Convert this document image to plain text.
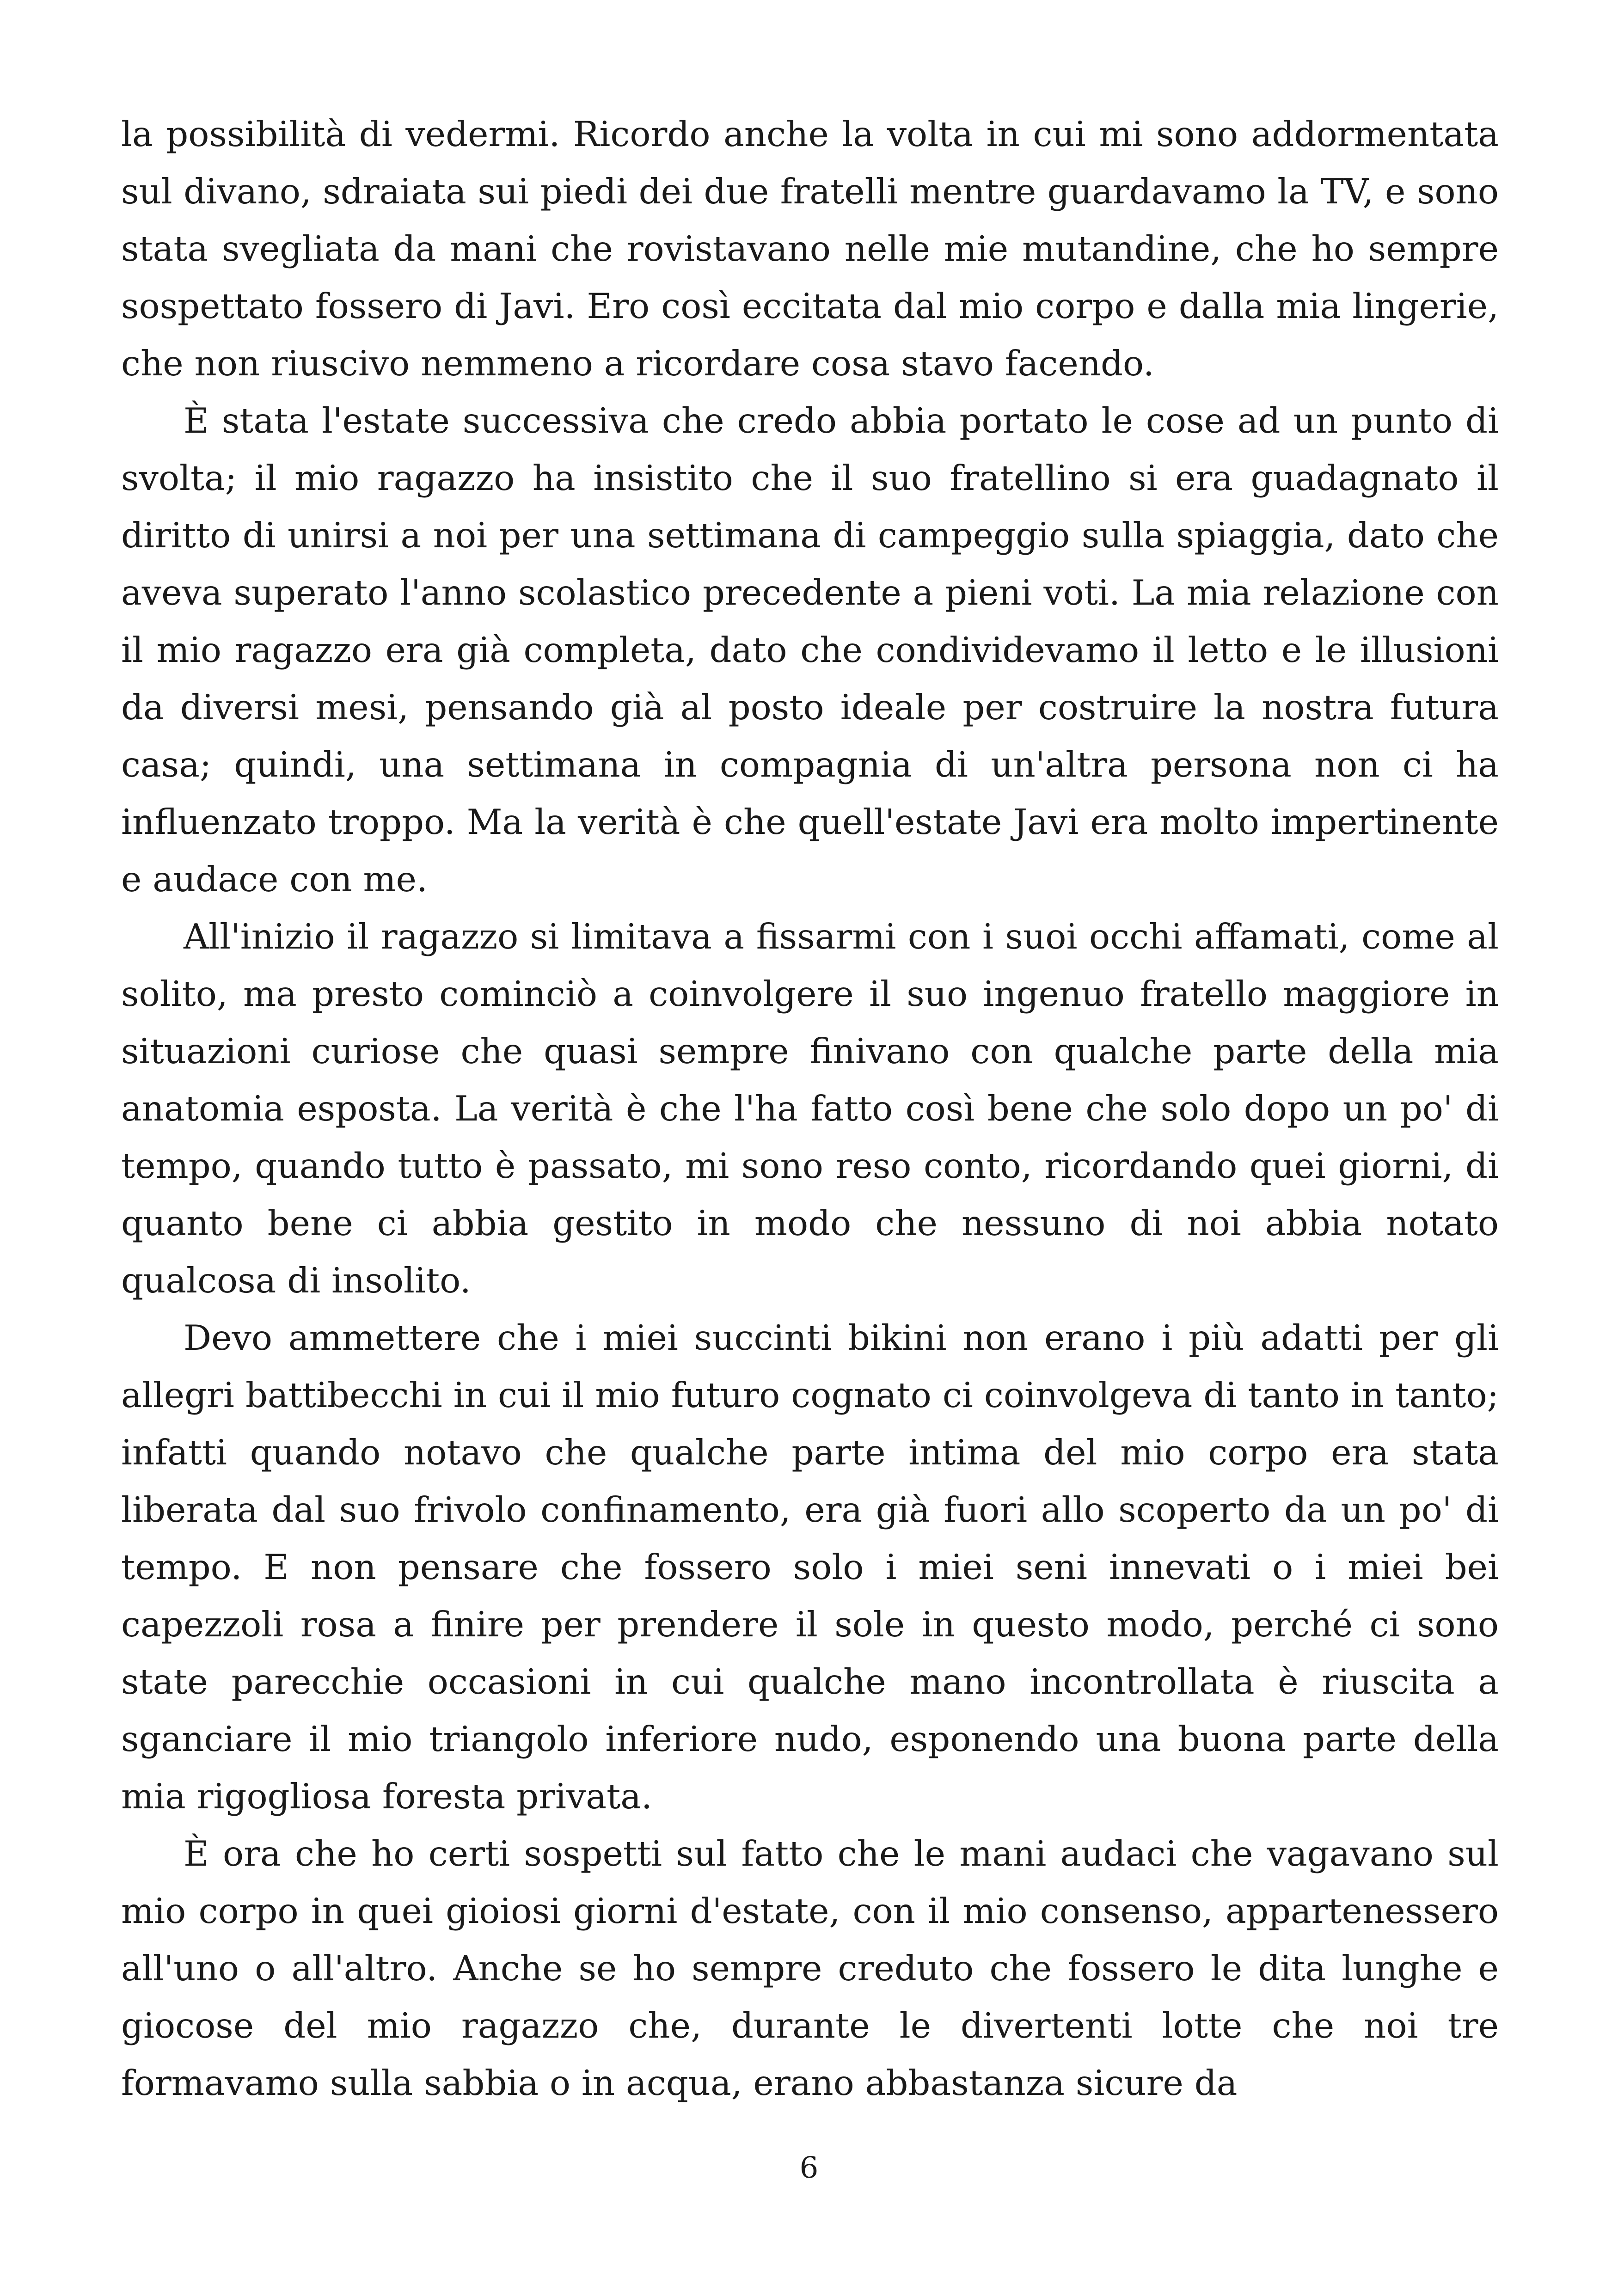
la possibilità di vedermi. Ricordo anche la volta in cui mi sono addormentata sul divano, sdraiata sui piedi dei due fratelli mentre guardavamo la TV, e sono stata svegliata da mani che rovistavano nelle mie mutandine, che ho sempre sospettato fossero di Javi. Ero così eccitata dal mio corpo e dalla mia lingerie, che non riuscivo nemmeno a ricordare cosa stavo facendo.

È stata l'estate successiva che credo abbia portato le cose ad un punto di svolta; il mio ragazzo ha insistito che il suo fratellino si era guadagnato il diritto di unirsi a noi per una settimana di campeggio sulla spiaggia, dato che aveva superato l'anno scolastico precedente a pieni voti. La mia relazione con il mio ragazzo era già completa, dato che condividevamo il letto e le illusioni da diversi mesi, pensando già al posto ideale per costruire la nostra futura casa; quindi, una settimana in compagnia di un'altra persona non ci ha influenzato troppo. Ma la verità è che quell'estate Javi era molto impertinente e audace con me.

All'inizio il ragazzo si limitava a fissarmi con i suoi occhi affamati, come al solito, ma presto cominciò a coinvolgere il suo ingenuo fratello maggiore in situazioni curiose che quasi sempre finivano con qualche parte della mia anatomia esposta. La verità è che l'ha fatto così bene che solo dopo un po' di tempo, quando tutto è passato, mi sono reso conto, ricordando quei giorni, di quanto bene ci abbia gestito in modo che nessuno di noi abbia notato qualcosa di insolito.

Devo ammettere che i miei succinti bikini non erano i più adatti per gli allegri battibecchi in cui il mio futuro cognato ci coinvolgeva di tanto in tanto; infatti quando notavo che qualche parte intima del mio corpo era stata liberata dal suo frivolo confinamento, era già fuori allo scoperto da un po' di tempo. E non pensare che fossero solo i miei seni innevati o i miei bei capezzoli rosa a finire per prendere il sole in questo modo, perché ci sono state parecchie occasioni in cui qualche mano incontrollata è riuscita a sganciare il mio triangolo inferiore nudo, esponendo una buona parte della mia rigogliosa foresta privata.

È ora che ho certi sospetti sul fatto che le mani audaci che vagavano sul mio corpo in quei gioiosi giorni d'estate, con il mio consenso, appartenessero all'uno o all'altro. Anche se ho sempre creduto che fossero le dita lunghe e giocose del mio ragazzo che, durante le divertenti lotte che noi tre formavamo sulla sabbia o in acqua, erano abbastanza sicure da

6
